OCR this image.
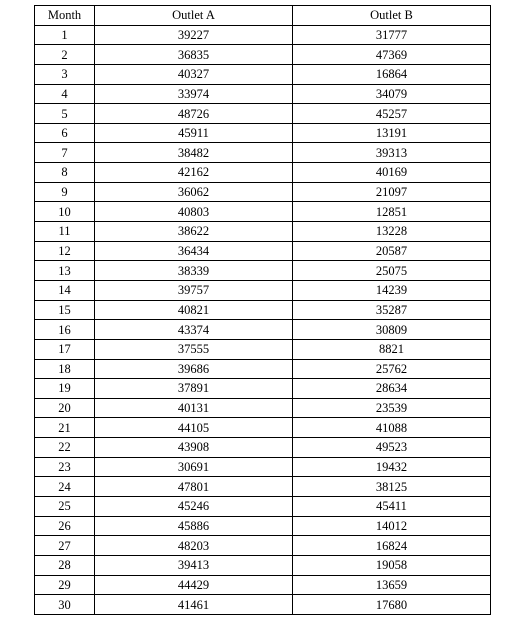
Month	Outlet A	Outlet B
1	39227	31777
2	36835	47369
3	40327	16864
4	33974	34079
5	48726	45257
6	45911	13191
7	38482	39313
8	42162	40169
9	36062	21097
10	40803	12851
11	38622	13228
12	36434	20587
13	38339	25075
14	39757	14239
15	40821	35287
16	43374	30809
17	37555	8821
18	39686	25762
19	37891	28634
20	40131	23539
21	44105	41088
22	43908	49523
23	30691	19432
24	47801	38125
25	45246	45411
26	45886	14012
27	48203	16824
28	39413	19058
29	44429	13659
30	41461	17680
